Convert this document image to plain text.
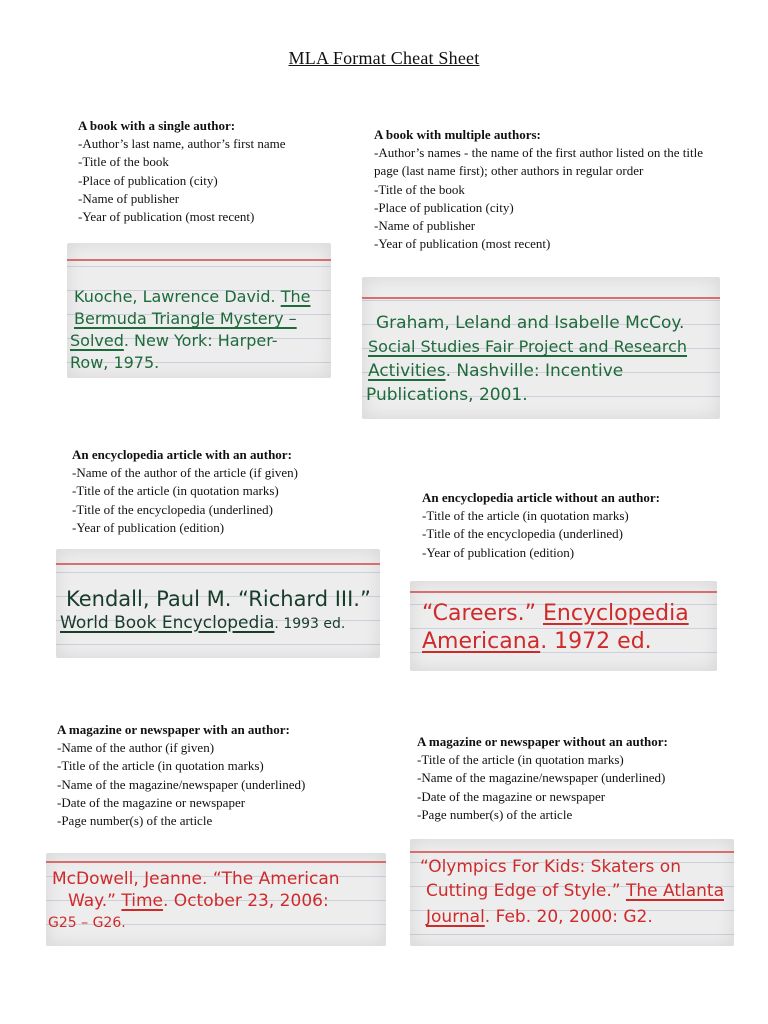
MLA Format Cheat Sheet
A book with a single author:
-Author’s last name, author’s first name
-Title of the book
-Place of publication (city)
-Name of publisher
-Year of publication (most recent)
Kuoche, Lawrence David. The
Bermuda Triangle Mystery –
Solved. New York: Harper-
Row, 1975.
A book with multiple authors:
-Author’s names - the name of the first author listed on the title page (last name first); other authors in regular order
-Title of the book
-Place of publication (city)
-Name of publisher
-Year of publication (most recent)
Graham, Leland and Isabelle McCoy.
Social Studies Fair Project and Research
Activities. Nashville: Incentive
Publications, 2001.
An encyclopedia article with an author:
-Name of the author of the article (if given)
-Title of the article (in quotation marks)
-Title of the encyclopedia (underlined)
-Year of publication (edition)
Kendall, Paul M. “Richard III.”
World Book Encyclopedia. 1993 ed.
An encyclopedia article without an author:
-Title of the article (in quotation marks)
-Title of the encyclopedia (underlined)
-Year of publication (edition)
“Careers.” Encyclopedia
Americana. 1972 ed.
A magazine or newspaper with an author:
-Name of the author (if given)
-Title of the article (in quotation marks)
-Name of the magazine/newspaper (underlined)
-Date of the magazine or newspaper
-Page number(s) of the article
McDowell, Jeanne. “The American
Way.” Time. October 23, 2006:
G25 – G26.
A magazine or newspaper without an author:
-Title of the article (in quotation marks)
-Name of the magazine/newspaper (underlined)
-Date of the magazine or newspaper
-Page number(s) of the article
“Olympics For Kids: Skaters on
Cutting Edge of Style.” The Atlanta
Journal. Feb. 20, 2000: G2.
